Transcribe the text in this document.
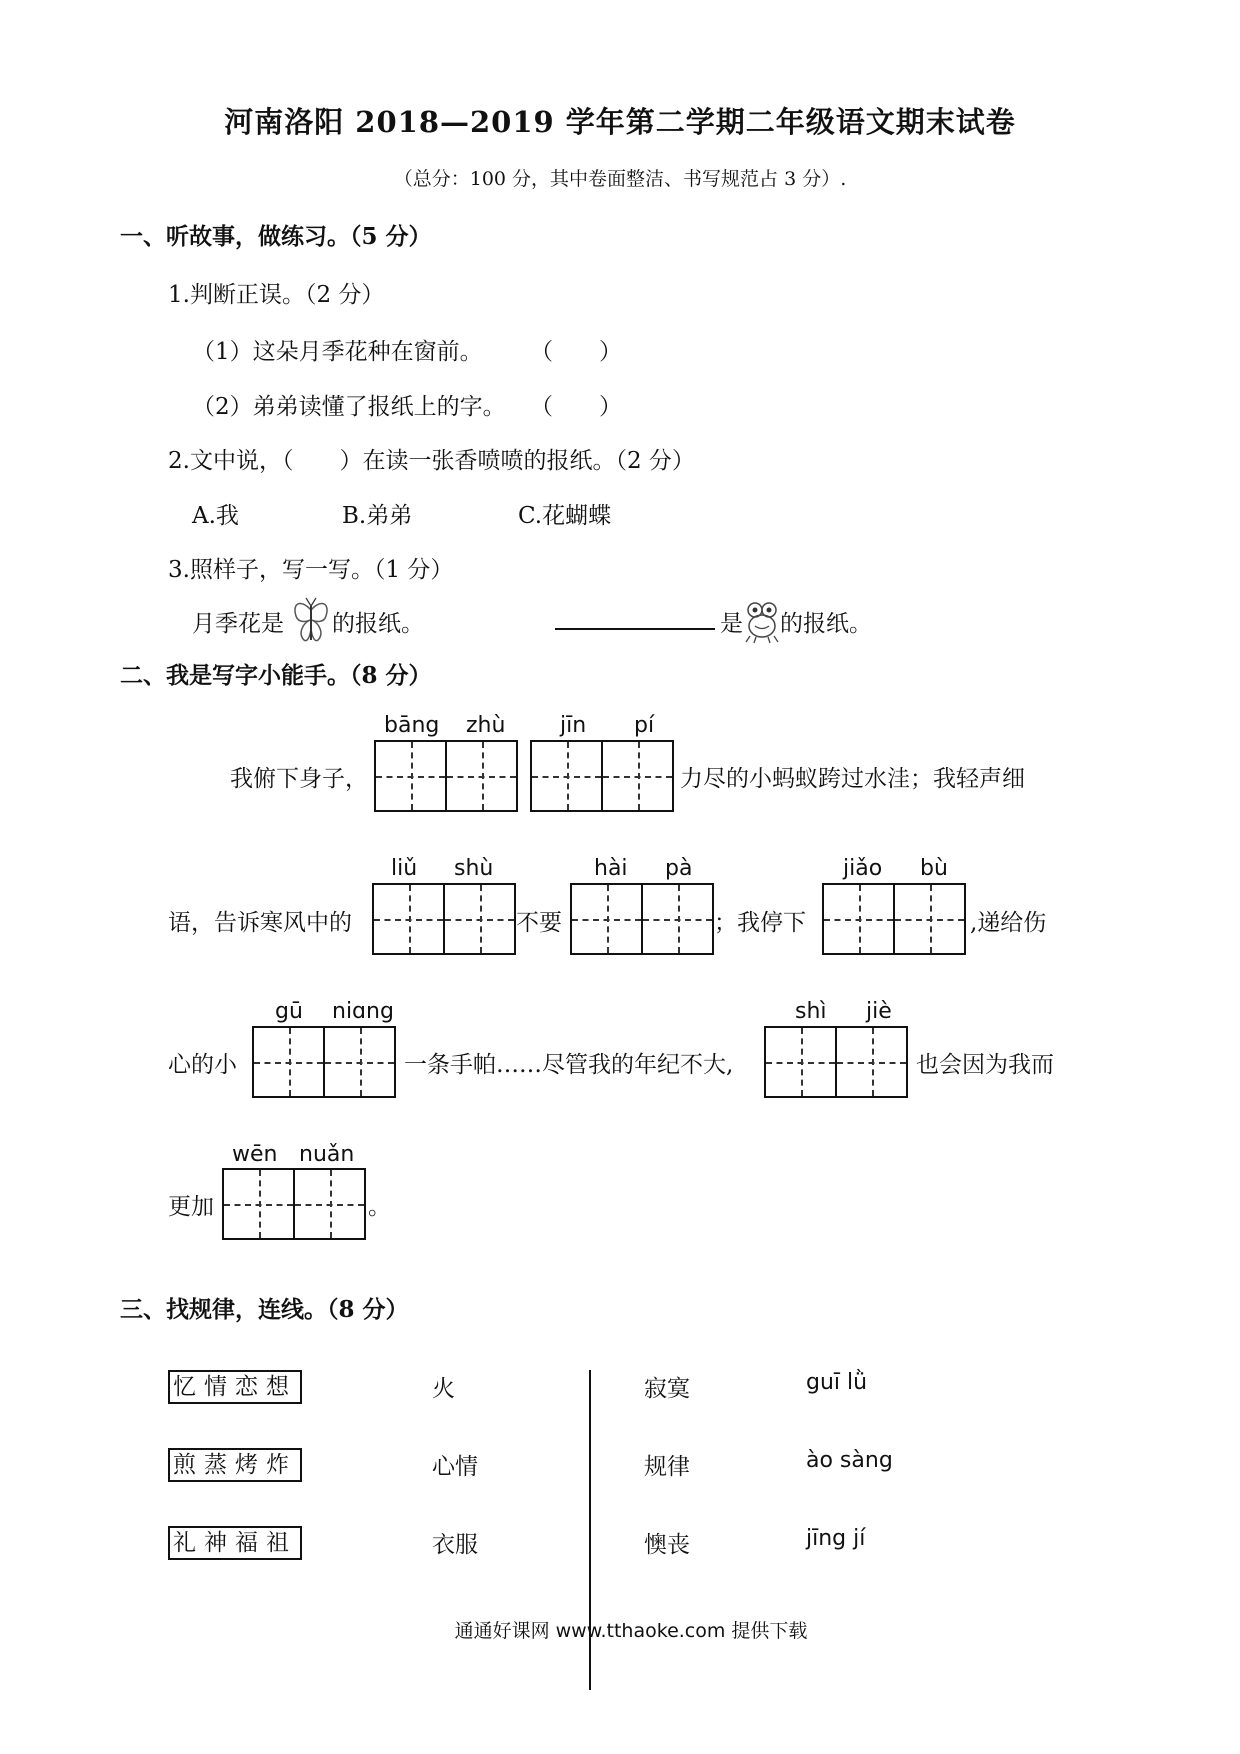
河南洛阳 2018—2019 学年第二学期二年级语文期末试卷
（总分：100 分，其中卷面整洁、书写规范占 3 分）.
一、听故事，做练习。（5 分）
1.判断正误。（2 分）
（1）这朵月季花种在窗前。 （　　）
（2）弟弟读懂了报纸上的字。 （　　）
2.文中说，（　　）在读一张香喷喷的报纸。（2 分）
A.我	B.弟弟	C.花蝴蝶
3.照样子，写一写。（1 分）
月季花是 的报纸。	是 的报纸。
二、我是写字小能手。（8 分）
bāng zhù jīn pí
我俯下身子，	力尽的小蚂蚁跨过水洼；我轻声细
liǔ shù	hài pà	jiǎo bù
语，告诉寒风中的	不要	；我停下	,递给伤
gū niɑng	shì jiè
心的小	一条手帕……尽管我的年纪不大,	也会因为我而
wēn nuǎn
更加	。
三、找规律，连线。（8 分）
忆情恋想	火	寂寞	guī lǜ
煎蒸烤炸	心情	规律	ào sàng
礼神福祖	衣服	懊丧	jīng jí
通通好课网 www.tthaoke.com 提供下载
